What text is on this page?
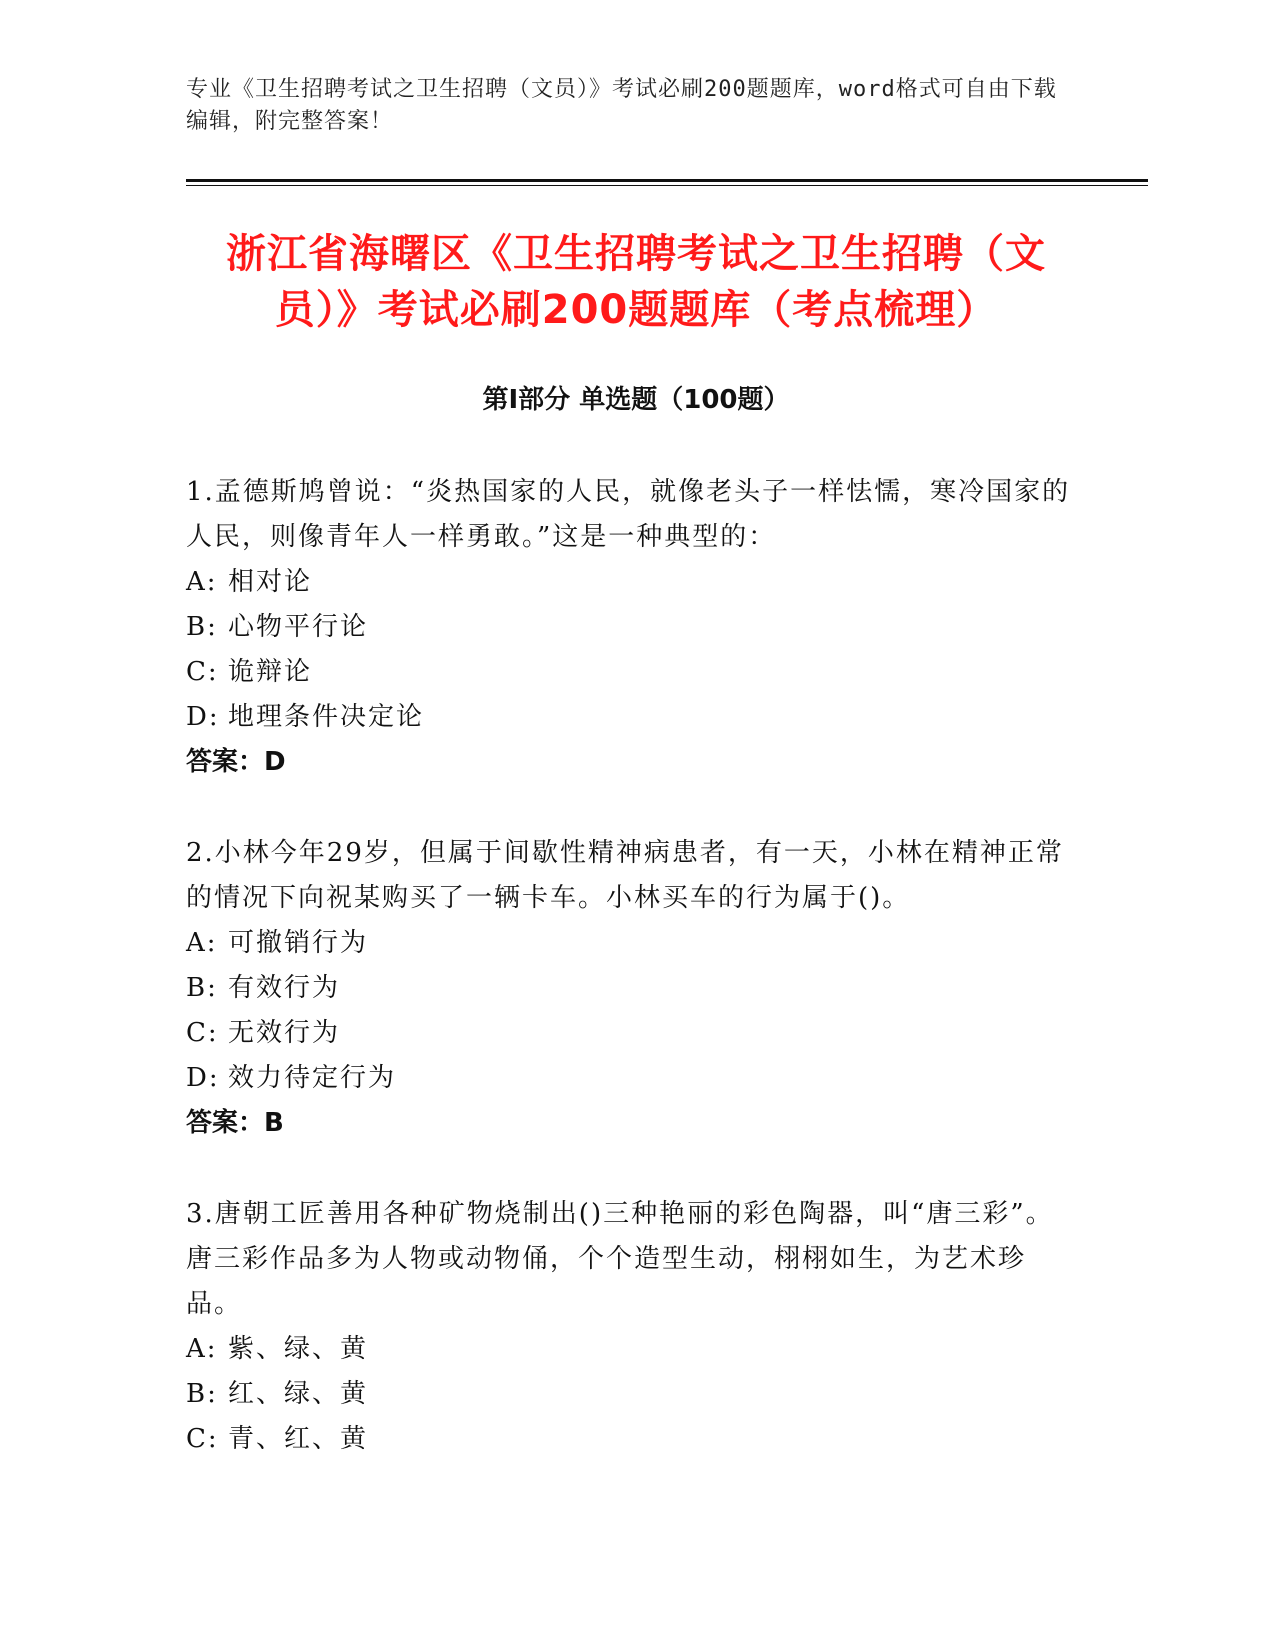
专业《卫生招聘考试之卫生招聘（文员）》考试必刷200题题库，word格式可自由下载编辑，附完整答案！
浙江省海曙区《卫生招聘考试之卫生招聘（文员）》考试必刷200题题库（考点梳理）
第I部分 单选题（100题）

1.孟德斯鸠曾说：“炎热国家的人民，就像老头子一样怯懦，寒冷国家的人民，则像青年人一样勇敢。”这是一种典型的：

A: 相对论

B: 心物平行论

C: 诡辩论

D: 地理条件决定论

答案：D

2.小林今年29岁，但属于间歇性精神病患者，有一天，小林在精神正常的情况下向祝某购买了一辆卡车。小林买车的行为属于()。

A: 可撤销行为

B: 有效行为

C: 无效行为

D: 效力待定行为

答案：B

3.唐朝工匠善用各种矿物烧制出()三种艳丽的彩色陶器，叫“唐三彩”。唐三彩作品多为人物或动物俑，个个造型生动，栩栩如生，为艺术珍品。

A: 紫、绿、黄

B: 红、绿、黄

C: 青、红、黄
